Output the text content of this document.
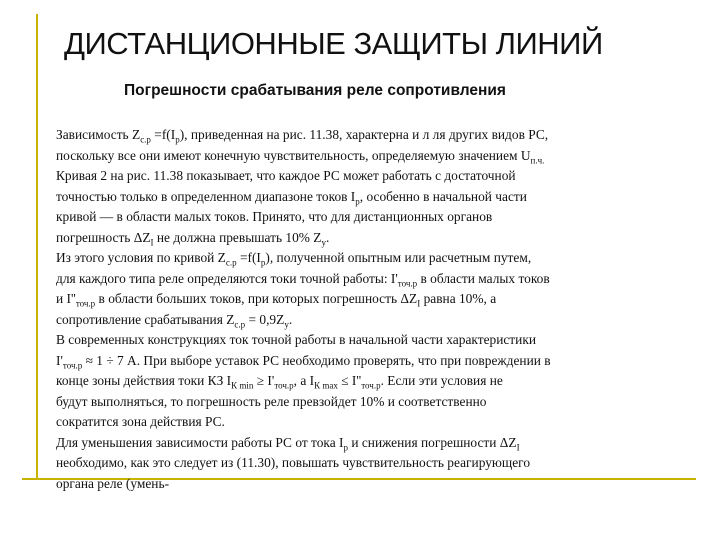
ДИСТАНЦИОННЫЕ ЗАЩИТЫ ЛИНИЙ
Погрешности срабатывания реле сопротивления
Зависимость $Z_{с.р} =f(I_р)$, приведенная на рис. 11.38, характерна и л ля других видов РС,
поскольку все они имеют конечную чувствительность, определяемую значением $U_{п.ч.}$
Кривая 2 на рис. 11.38 показывает, что каждое РС может работать с достаточной
точностью только в определенном диапазоне токов $I_р$, особенно в начальной части
кривой — в области малых токов. Принято, что для дистанционных органов
погрешность $\Delta Z_I$ не должна превышать 10% $Z_у$.
Из этого условия по кривой $Z_{с.р} =f(I_р)$, полученной опытным или расчетным путем,
для каждого типа реле определяются токи точной работы: $I'_{точ.р}$ в области малых токов
и $I''_{точ.р}$ в области больших токов, при которых погрешность $\Delta Z_I$ равна 10%, а
сопротивление срабатывания $Z_{с.р} = 0,9Z_у$.
В современных конструкциях ток точной работы в начальной части характеристики
$I'_{точ.р} \approx 1 \div 7$ А. При выборе уставок РС необходимо проверять, что при повреждении в
конце зоны действия токи КЗ $I_{К min} \ge I'_{точ.р}$, а $I_{К max} \le I''_{точ.р}$. Если эти условия не
будут выполняться, то погрешность реле превзойдет 10% и соответственно
сократится зона действия РС.
Для уменьшения зависимости работы РС от тока $I_р$ и снижения погрешности $\Delta Z_I$
необходимо, как это следует из (11.30), повышать чувствительность реагирующего
органа реле (умень-
